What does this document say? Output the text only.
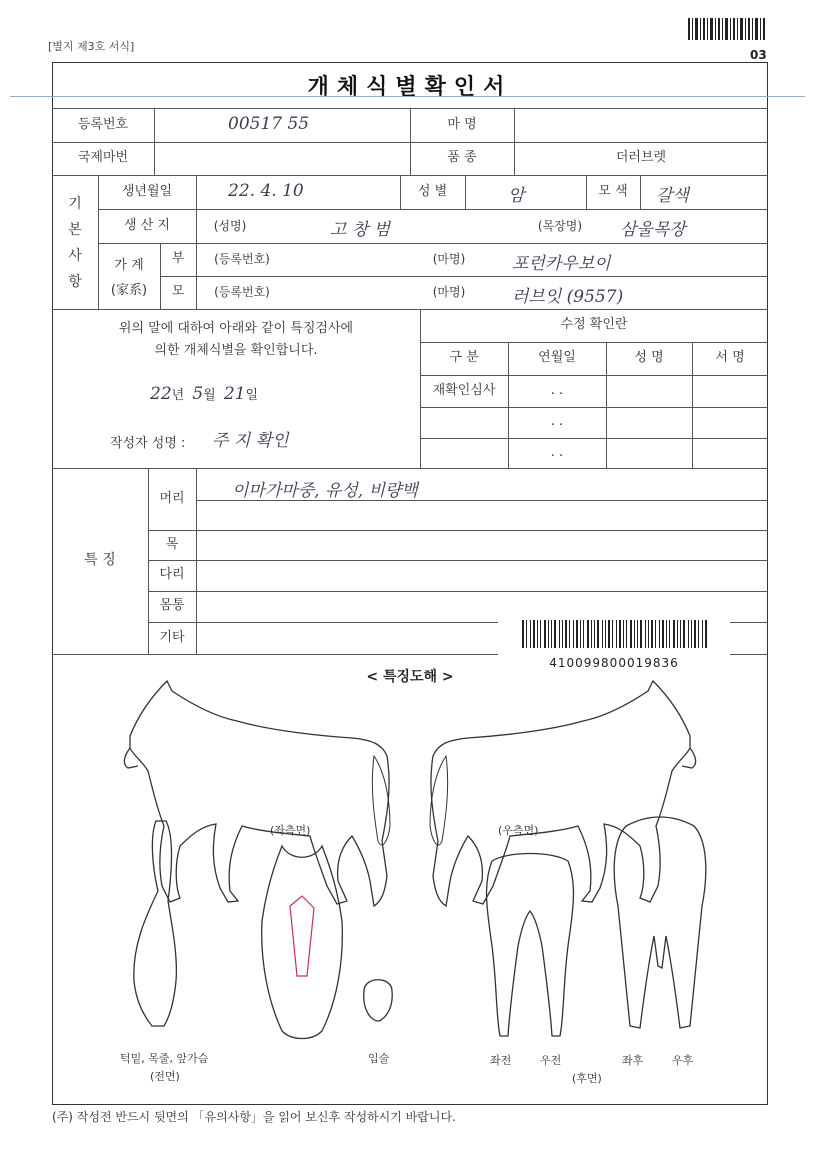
[별지 제3호 서식]
03
개체식별확인서
등록번호	00517 55	마 명
국제마번	품 종	더러브렛
기
본
사
항
생년월일	22. 4. 10	성 별	암	모 색	갈색
생 산 지	(성명)	고 창 범	(목장명)	삼울목장
가 계
(家系)
부	(등록번호)	(마명)	포런카우보이
모	(등록번호)	(마명)	러브잇 (9557)
위의 말에 대하여 아래와 같이 특징검사에
의한 개체식별을 확인합니다.
22년 5월 21일
작성자 성명 : 주 지 확인
수정 확인란
구 분	연월일	성 명	서 명
재확인심사	. .
. .
. .
특 징
머리	이마가마중, 유성, 비량백
목
다리
몸통
기타
410099800019836
< 특징도해 >
(좌측면)	(우측면)
턱밑, 목줄, 앞가슴
(전면)
입술	좌전	우전	좌후	우후
(후면)
(주) 작성전 반드시 뒷면의 「유의사항」을 읽어 보신후 작성하시기 바랍니다.
